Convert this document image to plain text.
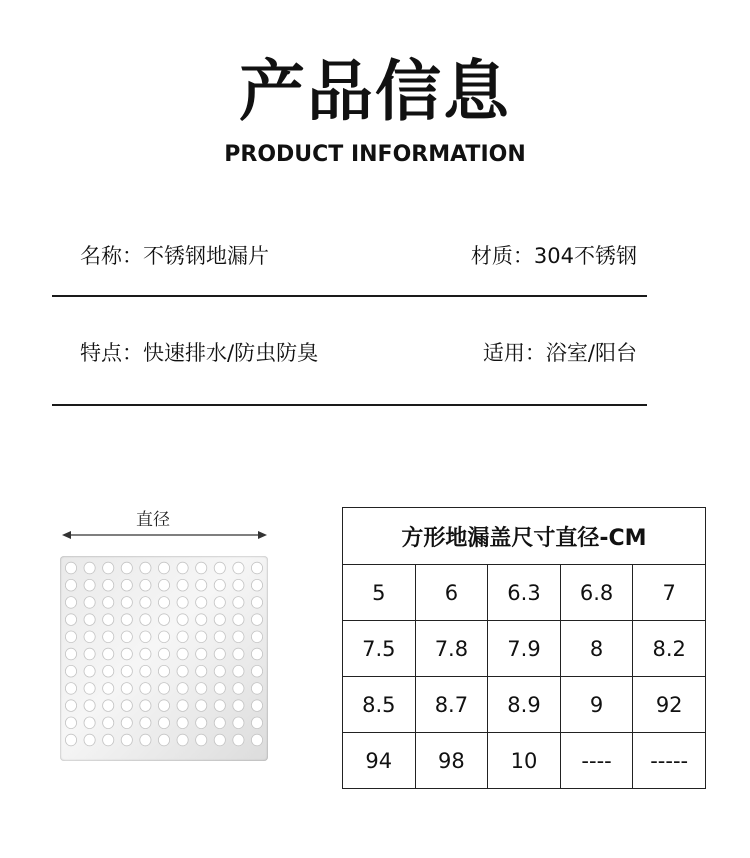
产品信息
PRODUCT INFORMATION
名称：不锈钢地漏片	材质：304不锈钢
特点：快速排水/防虫防臭	适用：浴室/阳台
直径
方形地漏盖尺寸直径-CM				
5	6	6.3	6.8	7
7.5	7.8	7.9	8	8.2
8.5	8.7	8.9	9	92
94	98	10	----	-----
